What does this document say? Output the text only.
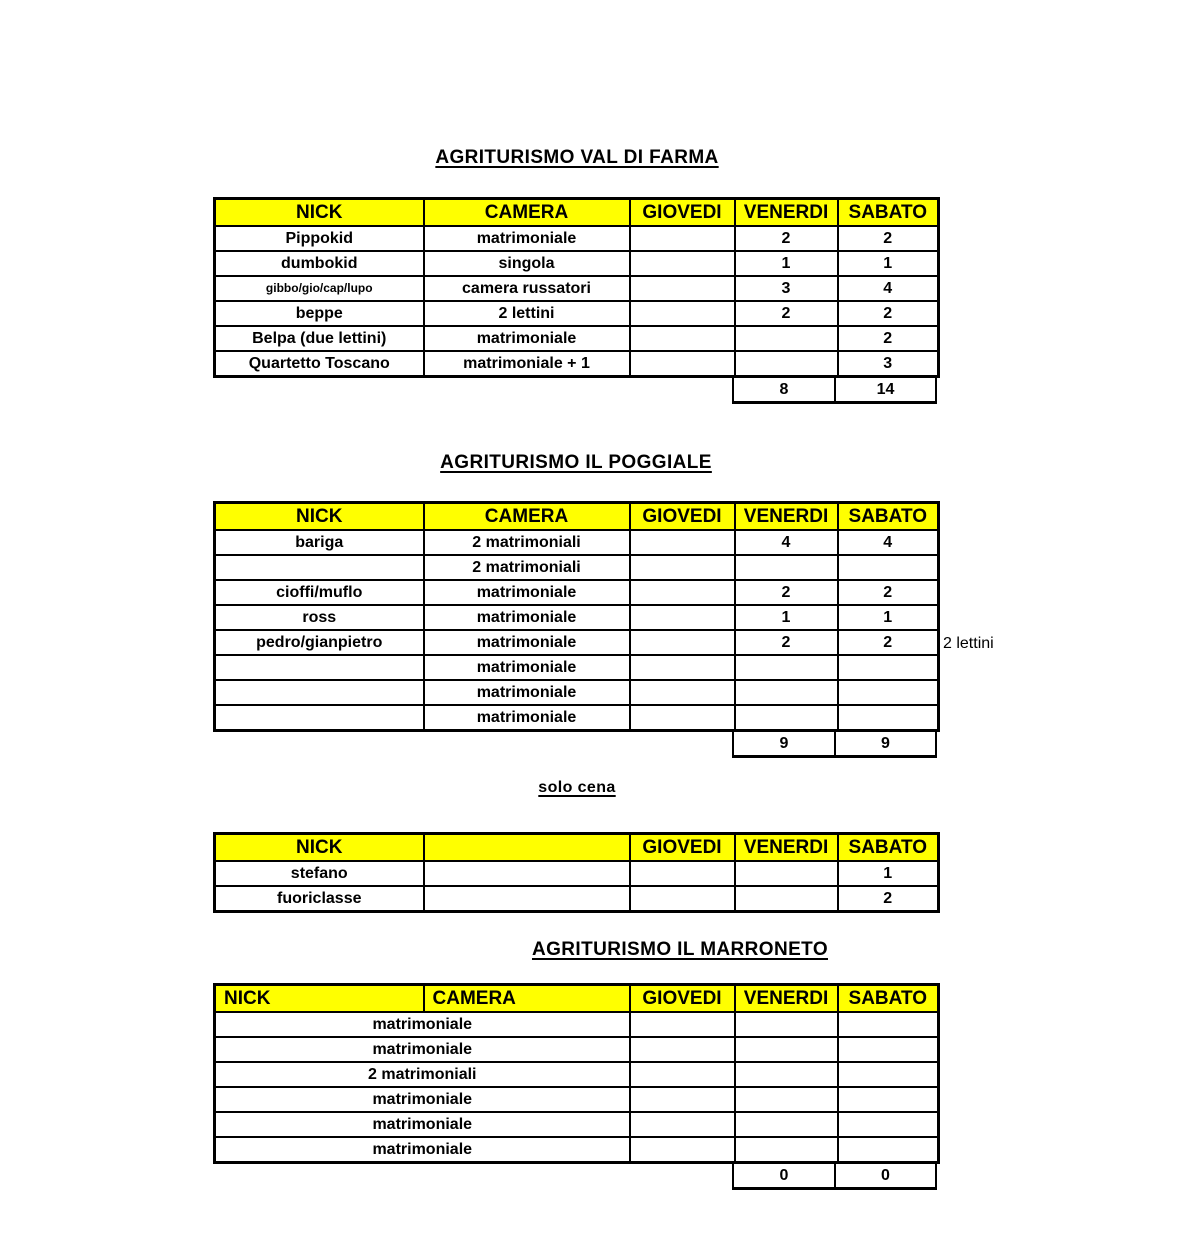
AGRITURISMO VAL DI FARMA
NICK	CAMERA	GIOVEDI	VENERDI	SABATO
Pippokid	matrimoniale		2	2
dumbokid	singola		1	1
gibbo/gio/cap/lupo	camera russatori		3	4
beppe	2 lettini		2	2
Belpa (due lettini)	matrimoniale			2
Quartetto Toscano	matrimoniale + 1			3
8	14
AGRITURISMO IL POGGIALE
NICK	CAMERA	GIOVEDI	VENERDI	SABATO
bariga	2 matrimoniali		4	4
	2 matrimoniali			
cioffi/muflo	matrimoniale		2	2
ross	matrimoniale		1	1
pedro/gianpietro	matrimoniale		2	2
	matrimoniale			
	matrimoniale			
	matrimoniale			
9	9
2 lettini
solo cena
NICK		GIOVEDI	VENERDI	SABATO
stefano				1
fuoriclasse				2
AGRITURISMO IL MARRONETO
NICK	CAMERA	GIOVEDI	VENERDI	SABATO
matrimoniale				
matrimoniale				
2 matrimoniali				
matrimoniale				
matrimoniale				
matrimoniale				
0	0
